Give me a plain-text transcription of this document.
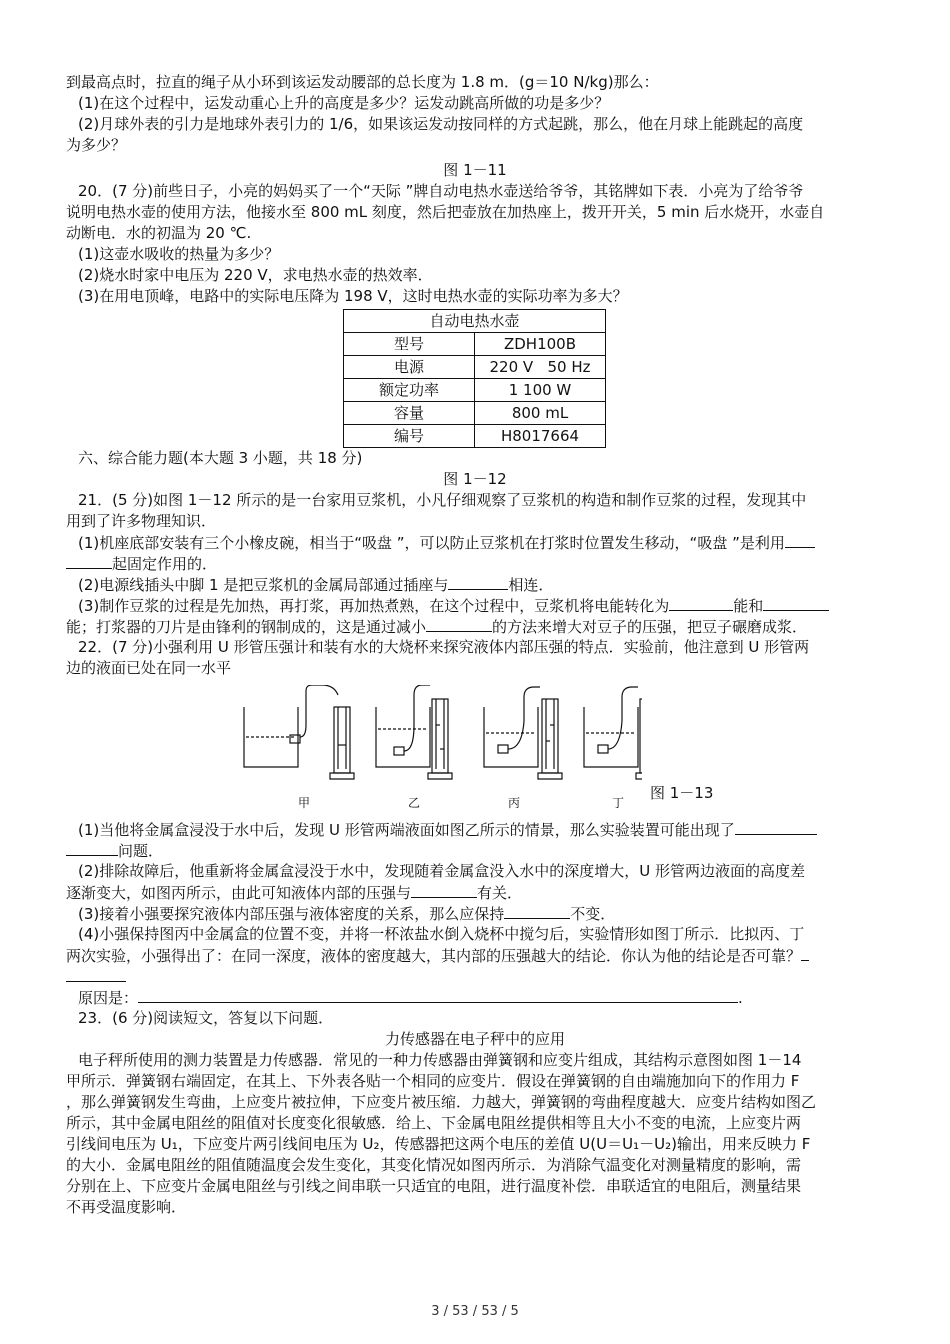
到最高点时，拉直的绳子从小环到该运发动腰部的总长度为 1.8 m．(g＝10 N/kg)那么：
(1)在这个过程中，运发动重心上升的高度是多少？运发动跳高所做的功是多少？
(2)月球外表的引力是地球外表引力的 1/6，如果该运发动按同样的方式起跳，那么，他在月球上能跳起的高度
为多少？
图 1－11
20．(7 分)前些日子，小亮的妈妈买了一个“天际 ”牌自动电热水壶送给爷爷，其铭牌如下表．小亮为了给爷爷
说明电热水壶的使用方法，他接水至 800 mL 刻度，然后把壶放在加热座上，拨开开关，5 min 后水烧开，水壶自
动断电．水的初温为 20 ℃.
(1)这壶水吸收的热量为多少？
(2)烧水时家中电压为 220 V，求电热水壶的热效率．
(3)在用电顶峰，电路中的实际电压降为 198 V，这时电热水壶的实际功率为多大？
自动电热水壶	
型号	ZDH100B
电源	220 V   50 Hz
额定功率	1 100 W
容量	800 mL
编号	H8017664
六、综合能力题(本大题 3 小题，共 18 分)
图 1－12
21．(5 分)如图 1－12 所示的是一台家用豆浆机，小凡仔细观察了豆浆机的构造和制作豆浆的过程，发现其中
用到了许多物理知识．
(1)机座底部安装有三个小橡皮碗，相当于“吸盘 ”，可以防止豆浆机在打浆时位置发生移动，“吸盘 ”是利用
起固定作用的．
(2)电源线插头中脚 1 是把豆浆机的金属局部通过插座与	相连．
(3)制作豆浆的过程是先加热，再打浆，再加热煮熟，在这个过程中，豆浆机将电能转化为	能和
能；打浆器的刀片是由锋利的钢制成的，这是通过减小	的方法来增大对豆子的压强，把豆子碾磨成浆．
22．(7 分)小强利用 U 形管压强计和装有水的大烧杯来探究液体内部压强的特点．实验前，他注意到 U 形管两
边的液面已处在同一水平
甲	乙	丙	丁
图 1－13
(1)当他将金属盒浸没于水中后，发现 U 形管两端液面如图乙所示的情景，那么实验装置可能出现了
问题．
(2)排除故障后，他重新将金属盒浸没于水中，发现随着金属盒没入水中的深度增大，U 形管两边液面的高度差
逐渐变大，如图丙所示，由此可知液体内部的压强与	有关．
(3)接着小强要探究液体内部压强与液体密度的关系，那么应保持	不变．
(4)小强保持图丙中金属盒的位置不变，并将一杯浓盐水倒入烧杯中搅匀后，实验情形如图丁所示．比拟丙、丁
两次实验，小强得出了：在同一深度，液体的密度越大，其内部的压强越大的结论．你认为他的结论是否可靠？
原因是：	.
23．(6 分)阅读短文，答复以下问题．
力传感器在电子秤中的应用
电子秤所使用的测力装置是力传感器．常见的一种力传感器由弹簧钢和应变片组成，其结构示意图如图 1－14
甲所示．弹簧钢右端固定，在其上、下外表各贴一个相同的应变片．假设在弹簧钢的自由端施加向下的作用力 F
，那么弹簧钢发生弯曲，上应变片被拉伸，下应变片被压缩．力越大，弹簧钢的弯曲程度越大．应变片结构如图乙
所示，其中金属电阻丝的阻值对长度变化很敏感．给上、下金属电阻丝提供相等且大小不变的电流，上应变片两
引线间电压为 U₁，下应变片两引线间电压为 U₂，传感器把这两个电压的差值 U(U＝U₁－U₂)输出，用来反映力 F
的大小．金属电阻丝的阻值随温度会发生变化，其变化情况如图丙所示．为消除气温变化对测量精度的影响，需
分别在上、下应变片金属电阻丝与引线之间串联一只适宜的电阻，进行温度补偿．串联适宜的电阻后，测量结果
不再受温度影响．
3 / 53 / 53 / 5
